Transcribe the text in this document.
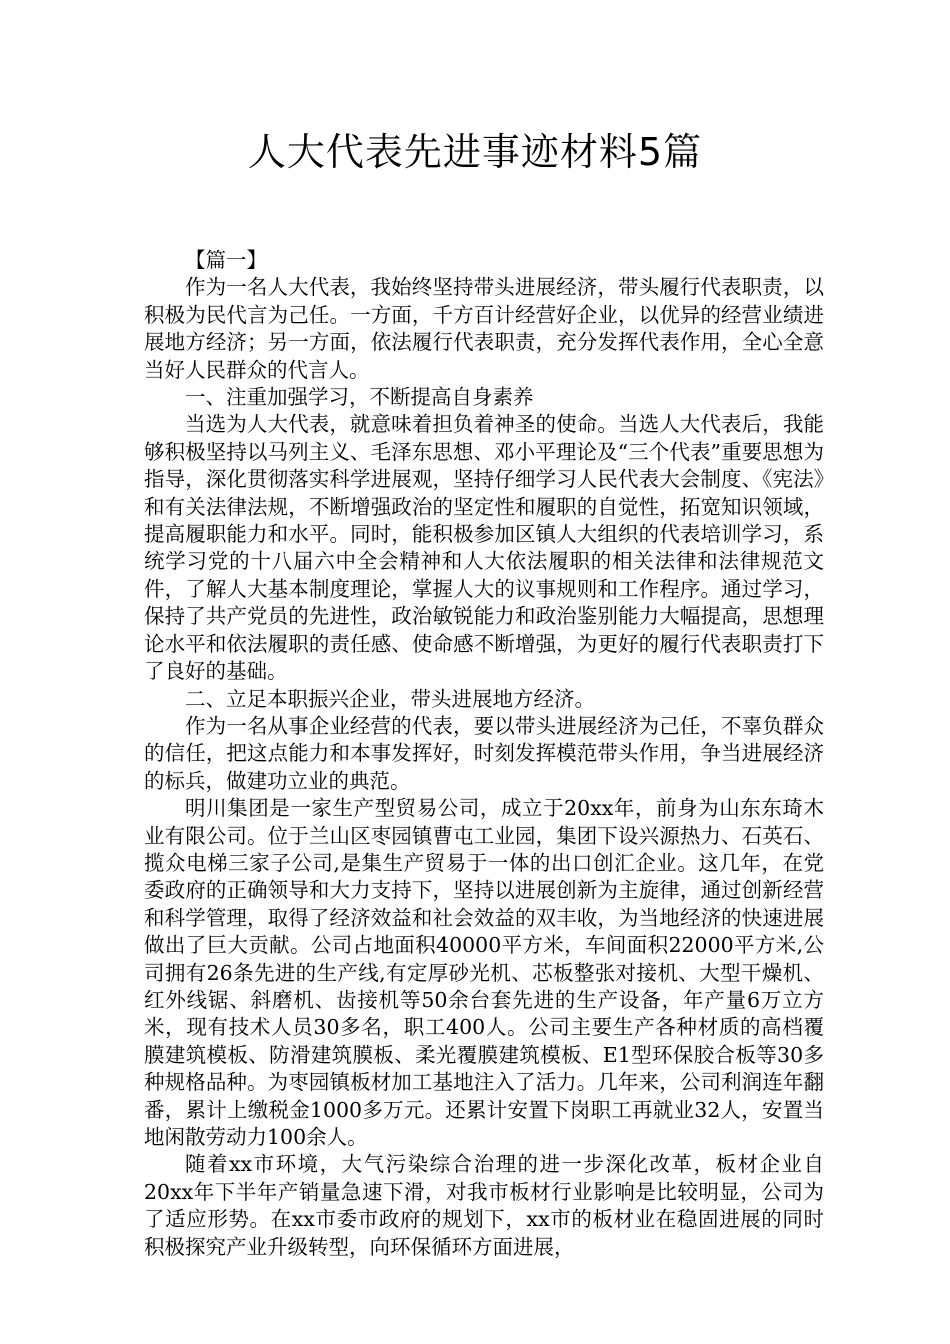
人大代表先进事迹材料5篇

【篇一】

作为一名人大代表，我始终坚持带头进展经济，带头履行代表职责，以积极为民代言为己任。一方面，千方百计经营好企业，以优异的经营业绩进展地方经济；另一方面，依法履行代表职责，充分发挥代表作用，全心全意当好人民群众的代言人。

一、注重加强学习，不断提高自身素养

当选为人大代表，就意味着担负着神圣的使命。当选人大代表后，我能够积极坚持以马列主义、毛泽东思想、邓小平理论及“三个代表”重要思想为指导，深化贯彻落实科学进展观，坚持仔细学习人民代表大会制度、《宪法》和有关法律法规，不断增强政治的坚定性和履职的自觉性，拓宽知识领域，提高履职能力和水平。同时，能积极参加区镇人大组织的代表培训学习，系统学习党的十八届六中全会精神和人大依法履职的相关法律和法律规范文件，了解人大基本制度理论，掌握人大的议事规则和工作程序。通过学习，保持了共产党员的先进性，政治敏锐能力和政治鉴别能力大幅提高，思想理论水平和依法履职的责任感、使命感不断增强，为更好的履行代表职责打下了良好的基础。

二、立足本职振兴企业，带头进展地方经济。

作为一名从事企业经营的代表，要以带头进展经济为己任，不辜负群众的信任，把这点能力和本事发挥好，时刻发挥模范带头作用，争当进展经济的标兵，做建功立业的典范。

明川集团是一家生产型贸易公司，成立于20xx年，前身为山东东琦木业有限公司。位于兰山区枣园镇曹屯工业园，集团下设兴源热力、石英石、揽众电梯三家子公司,是集生产贸易于一体的出口创汇企业。这几年，在党委政府的正确领导和大力支持下，坚持以进展创新为主旋律，通过创新经营和科学管理，取得了经济效益和社会效益的双丰收，为当地经济的快速进展做出了巨大贡献。公司占地面积40000平方米，车间面积22000平方米,公司拥有26条先进的生产线,有定厚砂光机、芯板整张对接机、大型干燥机、红外线锯、斜磨机、齿接机等50余台套先进的生产设备，年产量6万立方米，现有技术人员30多名，职工400人。公司主要生产各种材质的高档覆膜建筑模板、防滑建筑膜板、柔光覆膜建筑模板、E1型环保胶合板等30多种规格品种。为枣园镇板材加工基地注入了活力。几年来，公司利润连年翻番，累计上缴税金1000多万元。还累计安置下岗职工再就业32人，安置当地闲散劳动力100余人。

随着xx市环境，大气污染综合治理的进一步深化改革，板材企业自20xx年下半年产销量急速下滑，对我市板材行业影响是比较明显，公司为了适应形势。在xx市委市政府的规划下，xx市的板材业在稳固进展的同时积极探究产业升级转型，向环保循环方面进展，
